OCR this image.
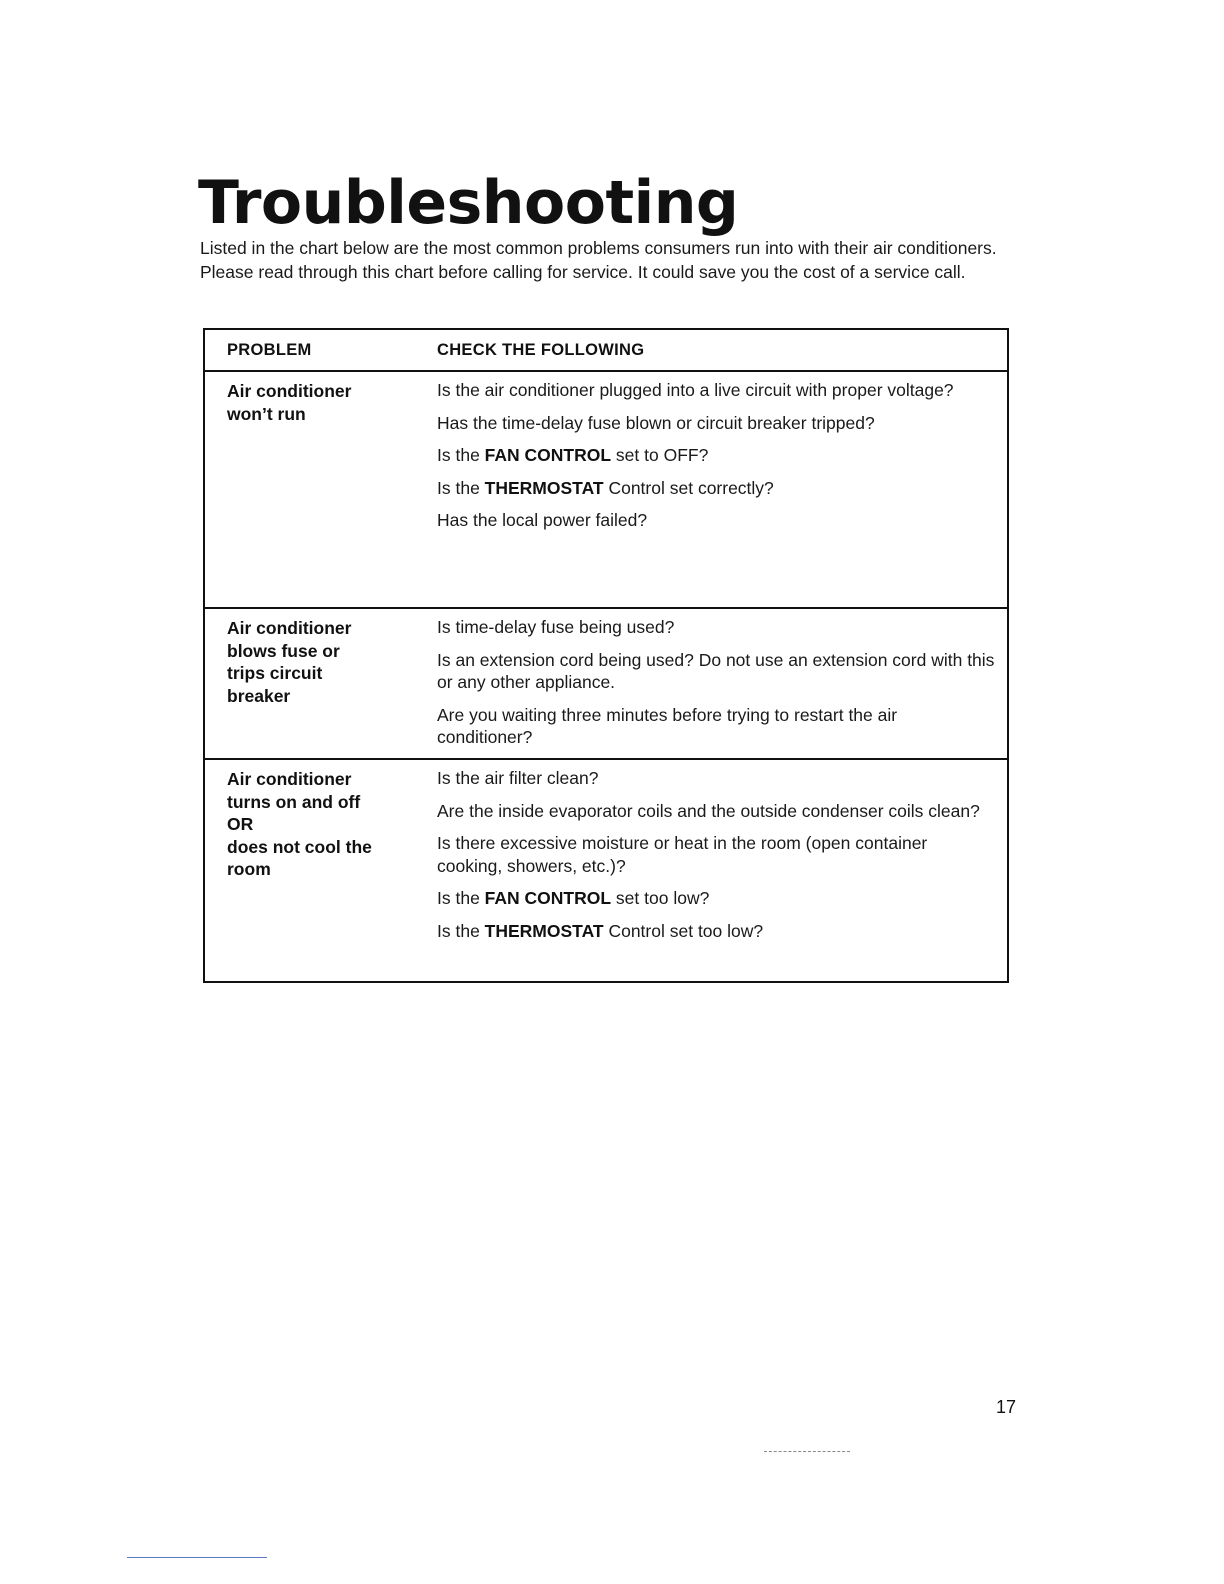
Troubleshooting

Listed in the chart below are the most common problems consumers run into with their air conditioners. Please read through this chart before calling for service. It could save you the cost of a service call.

PROBLEM	CHECK THE FOLLOWING
Air conditioner
won’t run
Is the air conditioner plugged into a live circuit with proper voltage?
Has the time-delay fuse blown or circuit breaker tripped?
Is the FAN CONTROL set to OFF?
Is the THERMOSTAT Control set correctly?
Has the local power failed?
Air conditioner
blows fuse or
trips circuit
breaker
Is time-delay fuse being used?
Is an extension cord being used? Do not use an extension cord with this or any other appliance.
Are you waiting three minutes before trying to restart the air conditioner?
Air conditioner
turns on and off
OR
does not cool the
room
Is the air filter clean?
Are the inside evaporator coils and the outside condenser coils clean?
Is there excessive moisture or heat in the room (open container cooking, showers, etc.)?
Is the FAN CONTROL set too low?
Is the THERMOSTAT Control set too low?
17
